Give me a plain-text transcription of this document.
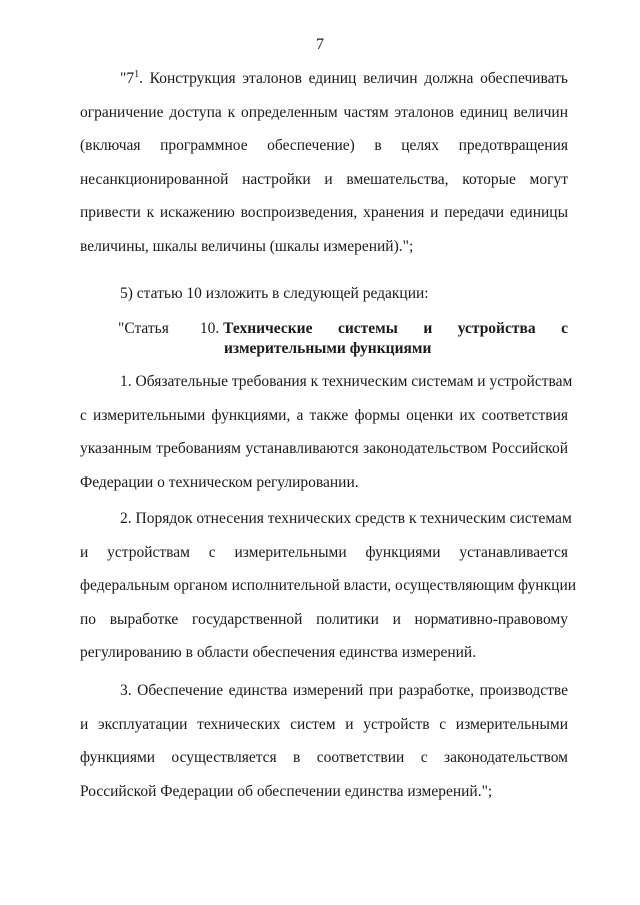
7
"$7^1$. Конструкция эталонов единиц величин должна обеспечивать
ограничение доступа к определенным частям эталонов единиц величин
(включая программное обеспечение) в целях предотвращения
несанкционированной настройки и вмешательства, которые могут
привести к искажению воспроизведения, хранения и передачи единицы
величины, шкалы величины (шкалы измерений).";
5) статью 10 изложить в следующей редакции:
"Статья 10. Технические системы и устройства с
измерительными функциями
1. Обязательные требования к техническим системам и устройствам
с измерительными функциями, а также формы оценки их соответствия
указанным требованиям устанавливаются законодательством Российской
Федерации о техническом регулировании.
2. Порядок отнесения технических средств к техническим системам
и устройствам с измерительными функциями устанавливается
федеральным органом исполнительной власти, осуществляющим функции
по выработке государственной политики и нормативно-правовому
регулированию в области обеспечения единства измерений.
3. Обеспечение единства измерений при разработке, производстве
и эксплуатации технических систем и устройств с измерительными
функциями осуществляется в соответствии с законодательством
Российской Федерации об обеспечении единства измерений.";
